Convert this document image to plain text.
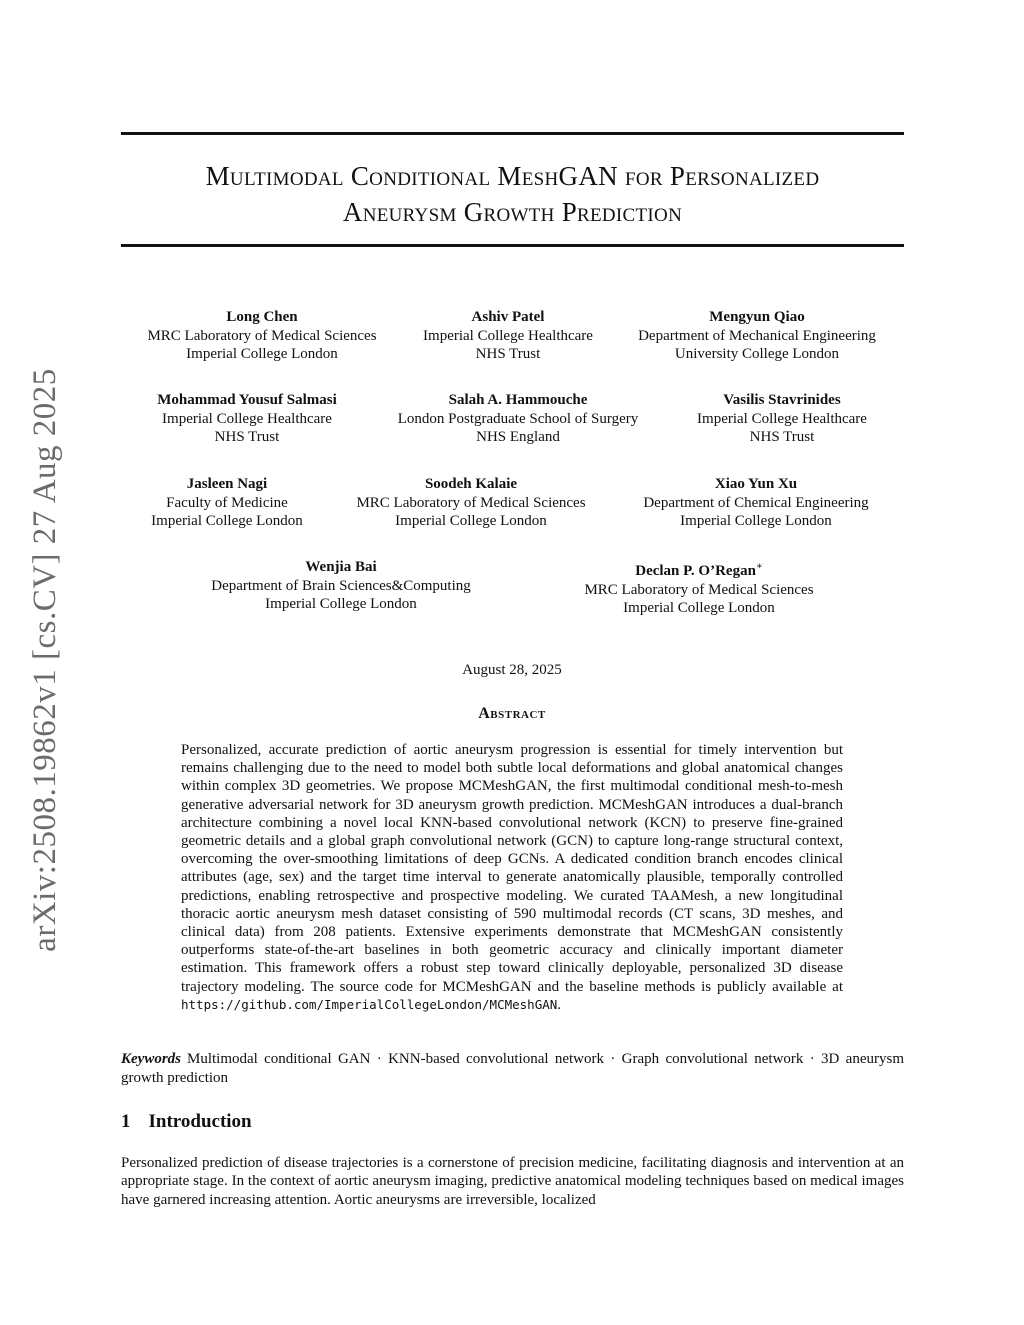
arXiv:2508.19862v1 [cs.CV] 27 Aug 2025
Multimodal Conditional MeshGAN for Personalized
Aneurysm Growth Prediction
Long Chen
MRC Laboratory of Medical Sciences
Imperial College London
Ashiv Patel
Imperial College Healthcare
NHS Trust
Mengyun Qiao
Department of Mechanical Engineering
University College London
Mohammad Yousuf Salmasi
Imperial College Healthcare
NHS Trust
Salah A. Hammouche
London Postgraduate School of Surgery
NHS England
Vasilis Stavrinides
Imperial College Healthcare
NHS Trust
Jasleen Nagi
Faculty of Medicine
Imperial College London
Soodeh Kalaie
MRC Laboratory of Medical Sciences
Imperial College London
Xiao Yun Xu
Department of Chemical Engineering
Imperial College London
Wenjia Bai
Department of Brain Sciences&Computing
Imperial College London
Declan P. O’Regan∗
MRC Laboratory of Medical Sciences
Imperial College London
August 28, 2025
Abstract
Personalized, accurate prediction of aortic aneurysm progression is essential for timely intervention but remains challenging due to the need to model both subtle local deformations and global anatomical changes within complex 3D geometries. We propose MCMeshGAN, the first multimodal conditional mesh-to-mesh generative adversarial network for 3D aneurysm growth prediction. MCMeshGAN introduces a dual-branch architecture combining a novel local KNN-based convolutional network (KCN) to preserve fine-grained geometric details and a global graph convolutional network (GCN) to capture long-range structural context, overcoming the over-smoothing limitations of deep GCNs. A dedicated condition branch encodes clinical attributes (age, sex) and the target time interval to generate anatomically plausible, temporally controlled predictions, enabling retrospective and prospective modeling. We curated TAAMesh, a new longitudinal thoracic aortic aneurysm mesh dataset consisting of 590 multimodal records (CT scans, 3D meshes, and clinical data) from 208 patients. Extensive experiments demonstrate that MCMeshGAN consistently outperforms state-of-the-art baselines in both geometric accuracy and clinically important diameter estimation. This framework offers a robust step toward clinically deployable, personalized 3D disease trajectory modeling. The source code for MCMeshGAN and the baseline methods is publicly available at https://github.com/ImperialCollegeLondon/MCMeshGAN.
Keywords Multimodal conditional GAN · KNN-based convolutional network · Graph convolutional network · 3D aneurysm growth prediction
1 Introduction
Personalized prediction of disease trajectories is a cornerstone of precision medicine, facilitating diagnosis and intervention at an appropriate stage. In the context of aortic aneurysm imaging, predictive anatomical modeling techniques based on medical images have garnered increasing attention. Aortic aneurysms are irreversible, localized
